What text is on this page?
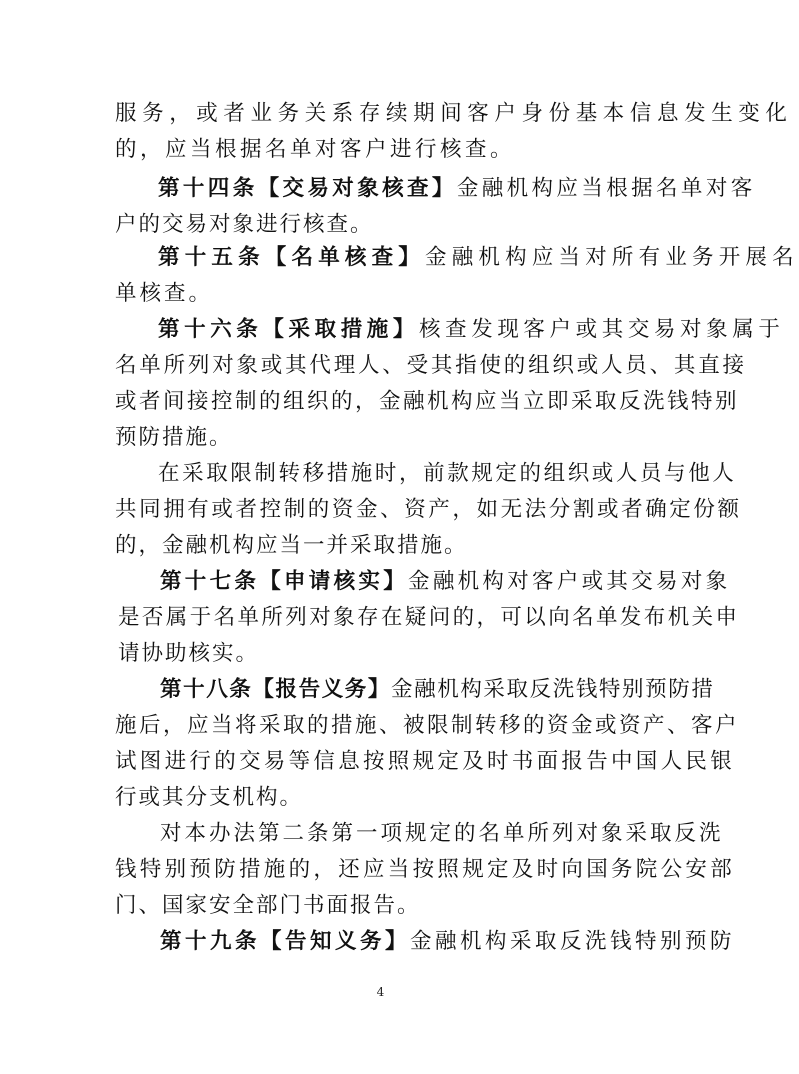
服务，或者业务关系存续期间客户身份基本信息发生变化
的，应当根据名单对客户进行核查。
第十四条【交易对象核查】金融机构应当根据名单对客
户的交易对象进行核查。
第十五条【名单核查】金融机构应当对所有业务开展名
单核查。
第十六条【采取措施】核查发现客户或其交易对象属于
名单所列对象或其代理人、受其指使的组织或人员、其直接
或者间接控制的组织的，金融机构应当立即采取反洗钱特别
预防措施。
在采取限制转移措施时，前款规定的组织或人员与他人
共同拥有或者控制的资金、资产，如无法分割或者确定份额
的，金融机构应当一并采取措施。
第十七条【申请核实】金融机构对客户或其交易对象
是否属于名单所列对象存在疑问的，可以向名单发布机关申
请协助核实。
第十八条【报告义务】金融机构采取反洗钱特别预防措
施后，应当将采取的措施、被限制转移的资金或资产、客户
试图进行的交易等信息按照规定及时书面报告中国人民银
行或其分支机构。
对本办法第二条第一项规定的名单所列对象采取反洗
钱特别预防措施的，还应当按照规定及时向国务院公安部
门、国家安全部门书面报告。
第十九条【告知义务】金融机构采取反洗钱特别预防
4
